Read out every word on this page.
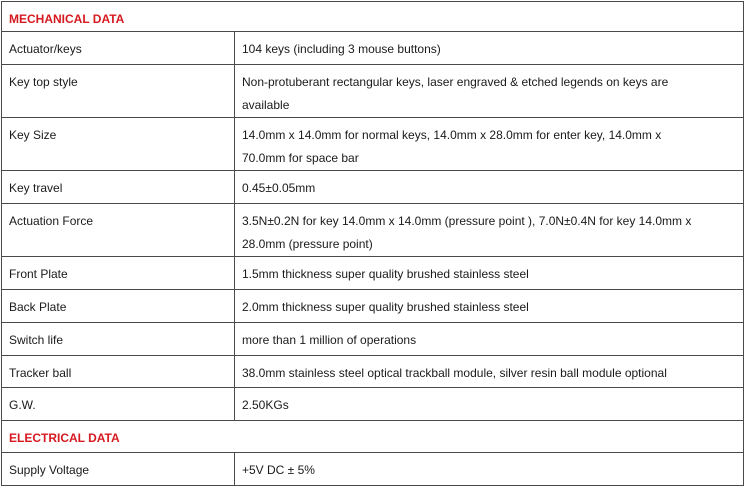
MECHANICAL DATA	
Actuator/keys	104 keys (including 3 mouse buttons)

Key top style	Non-protuberant rectangular keys, laser engraved & etched legends on keys are
available

Key Size	14.0mm x 14.0mm for normal keys, 14.0mm x 28.0mm for enter key, 14.0mm x
70.0mm for space bar

Key travel	0.45±0.05mm

Actuation Force	3.5N±0.2N for key 14.0mm x 14.0mm (pressure point ), 7.0N±0.4N for key 14.0mm x
28.0mm (pressure point)

Front Plate	1.5mm thickness super quality brushed stainless steel

Back Plate	2.0mm thickness super quality brushed stainless steel

Switch life	more than 1 million of operations

Tracker ball	38.0mm stainless steel optical trackball module, silver resin ball module optional

G.W.	2.50KGs

ELECTRICAL DATA	
Supply Voltage	+5V DC ± 5%
